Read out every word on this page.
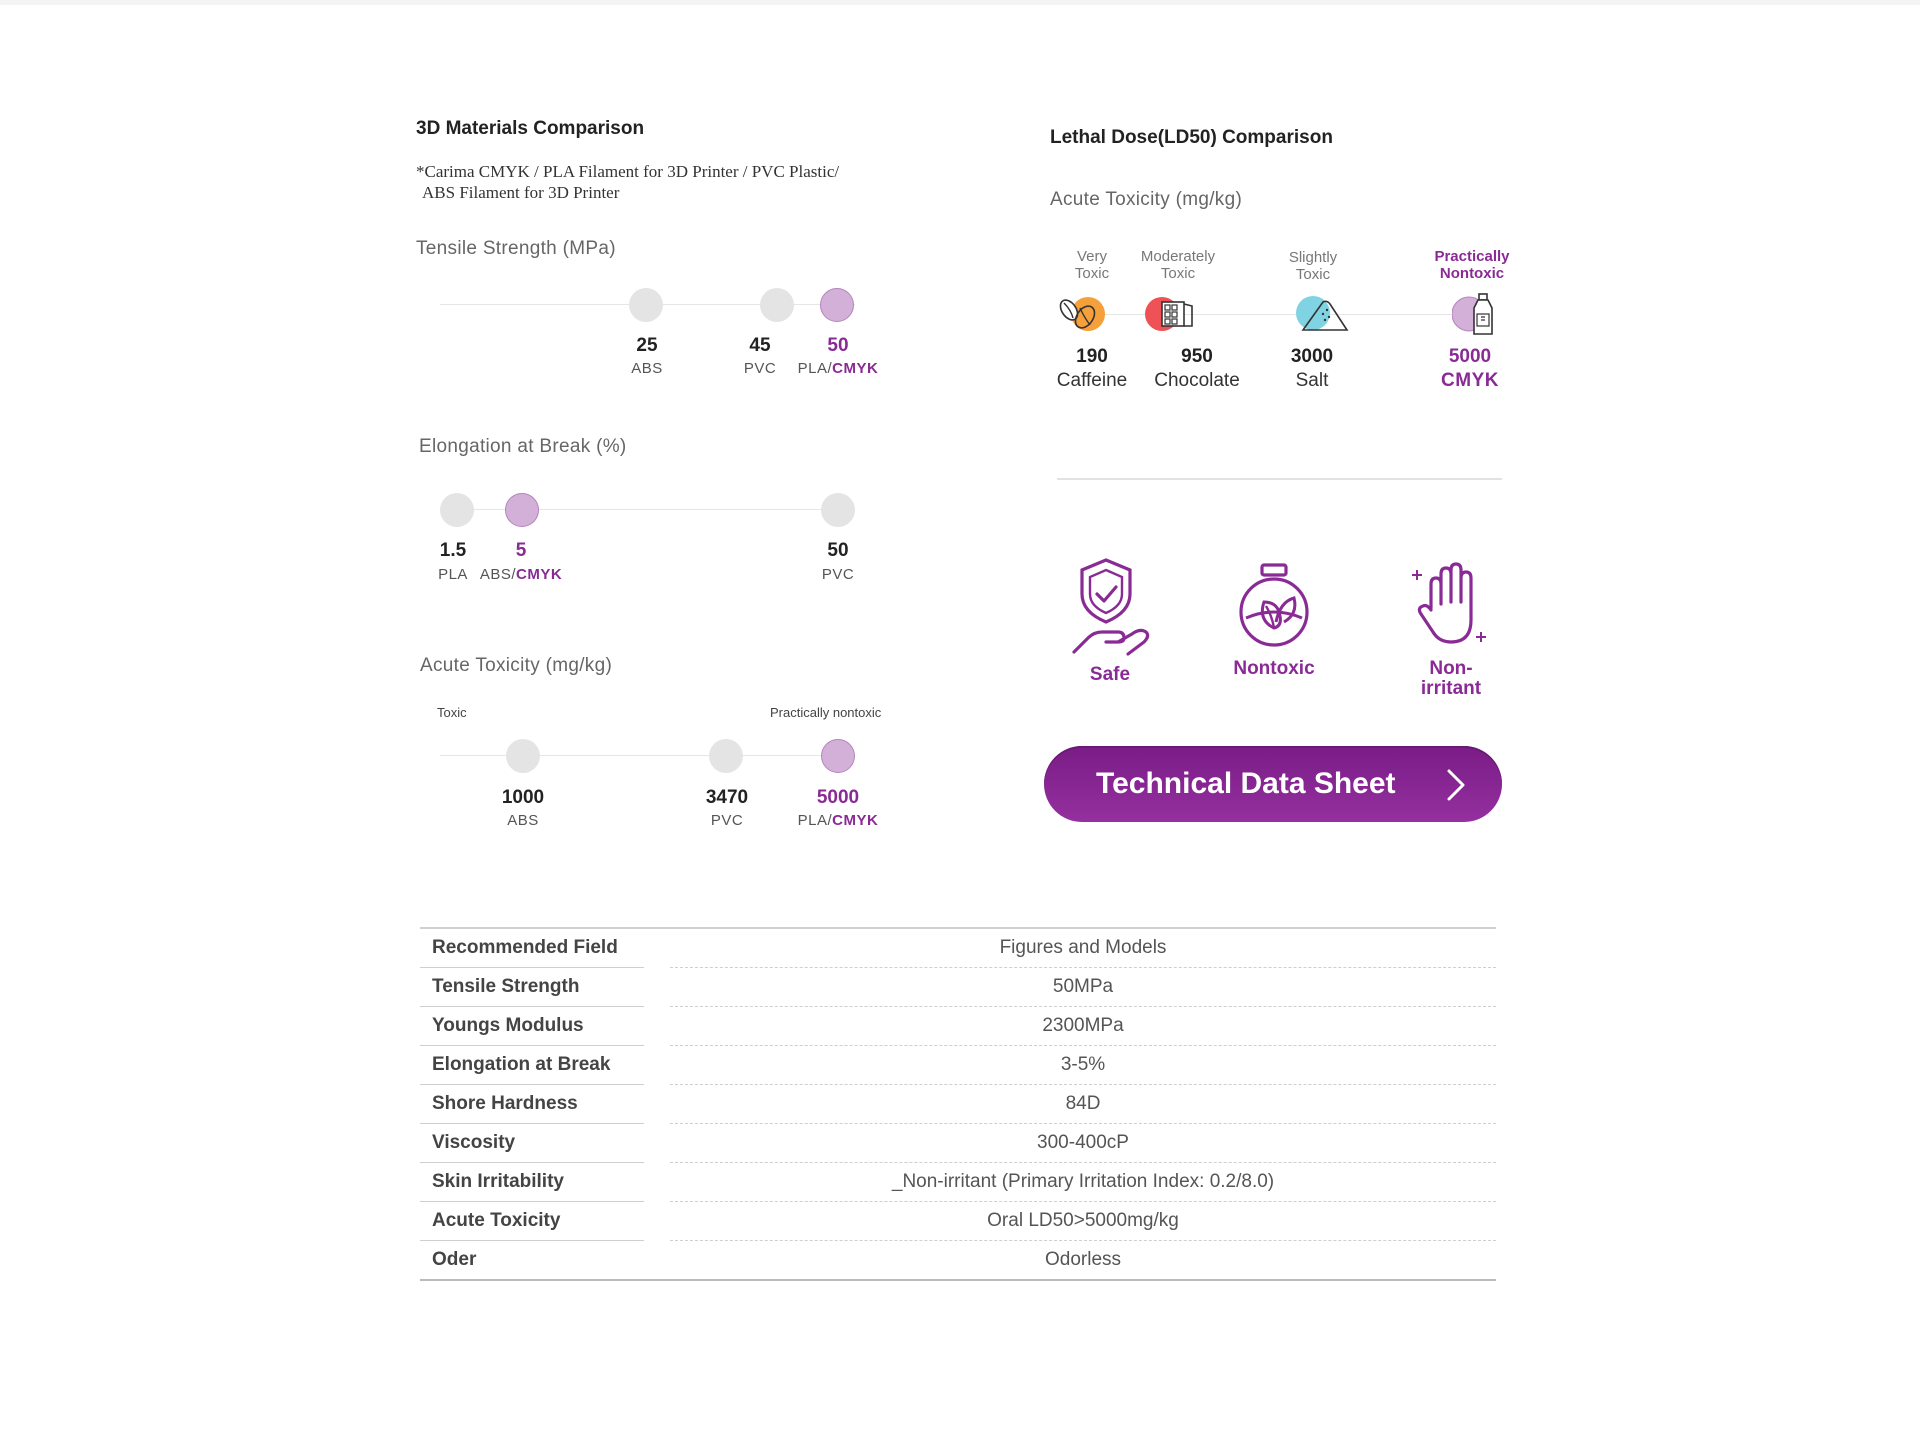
3D Materials Comparison
*Carima CMYK / PLA Filament for 3D Printer / PVC Plastic/
ABS Filament for 3D Printer
Tensile Strength (MPa)
25	45	50
ABS	PVC PLA/CMYK
Elongation at Break (%)
1.5	5	50
PLA ABS/CMYK	PVC
Acute Toxicity (mg/kg)
Toxic	Practically nontoxic
1000	3470	5000
ABS	PVC	PLA/CMYK
Lethal Dose(LD50) Comparison
Acute Toxicity (mg/kg)
Very
Toxic
Moderately
Toxic
Slightly
Toxic
Practically
Nontoxic
190	950	3000	5000
Caffeine Chocolate	Salt	CMYK
Safe	Nontoxic	Non-
irritant
Technical Data Sheet
Recommended Field		Figures and Models
Tensile Strength		50MPa
Youngs Modulus		2300MPa
Elongation at Break		3-5%
Shore Hardness		84D
Viscosity		300-400cP
Skin Irritability		_Non-irritant (Primary Irritation Index: 0.2/8.0)
Acute Toxicity		Oral LD50>5000mg/kg
Oder		Odorless
